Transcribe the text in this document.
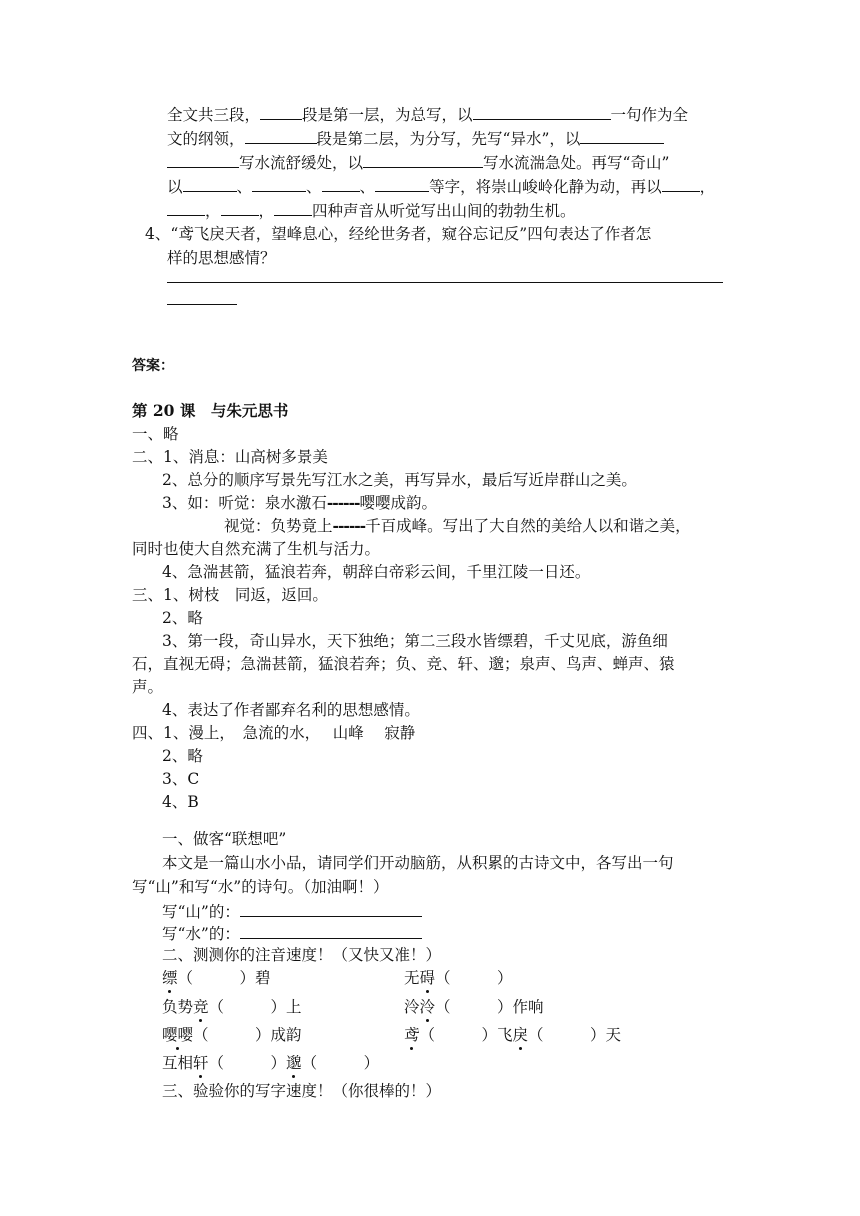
全文共三段，	段是第一层，为总写，以	一句作为全
文的纲领，	段是第二层，为分写，先写“异水”，以
写水流舒缓处，以	写水流湍急处。再写“奇山”
以	、	、 、	等字，将崇山峻岭化静为动，再以 ，
， ， 四种声音从听觉写出山间的勃勃生机。
4、“鸢飞戾天者，望峰息心，经纶世务者，窥谷忘记反”四句表达了作者怎
样的思想感情？
答案：
第 20 课　与朱元思书
一、略
二、1、消息：山高树多景美
2、总分的顺序写景先写江水之美，再写异水，最后写近岸群山之美。
3、如：听觉：泉水激石------嘤嘤成韵。
视觉：负势竟上------千百成峰。写出了大自然的美给人以和谐之美，
同时也使大自然充满了生机与活力。
4、急湍甚箭，猛浪若奔，朝辞白帝彩云间，千里江陵一日还。
三、1、树枝　同返，返回。
2、略
3、第一段，奇山异水，天下独绝；第二三段水皆缥碧，千丈见底，游鱼细
石，直视无碍；急湍甚箭，猛浪若奔；负、竞、轩、邈；泉声、鸟声、蝉声、猿
声。
4、表达了作者鄙弃名利的思想感情。
四、1、漫上，　急流的水，　 山峰　 寂静
2、略
3、C
4、B
一、做客“联想吧”
本文是一篇山水小品，请同学们开动脑筋，从积累的古诗文中，各写出一句
写“山”和写“水”的诗句。（加油啊！）
写“山”的：
写“水”的：
二、测测你的注音速度！（又快又准！）
缥（　　　）碧	无碍（　　　）
负势竞（　　　）上	泠泠（　　　）作响
嘤嘤（　　　）成韵	鸢（　　　）飞戾（　　　）天
互相轩（　　　）邈（　　　）
三、验验你的写字速度！（你很棒的！）
